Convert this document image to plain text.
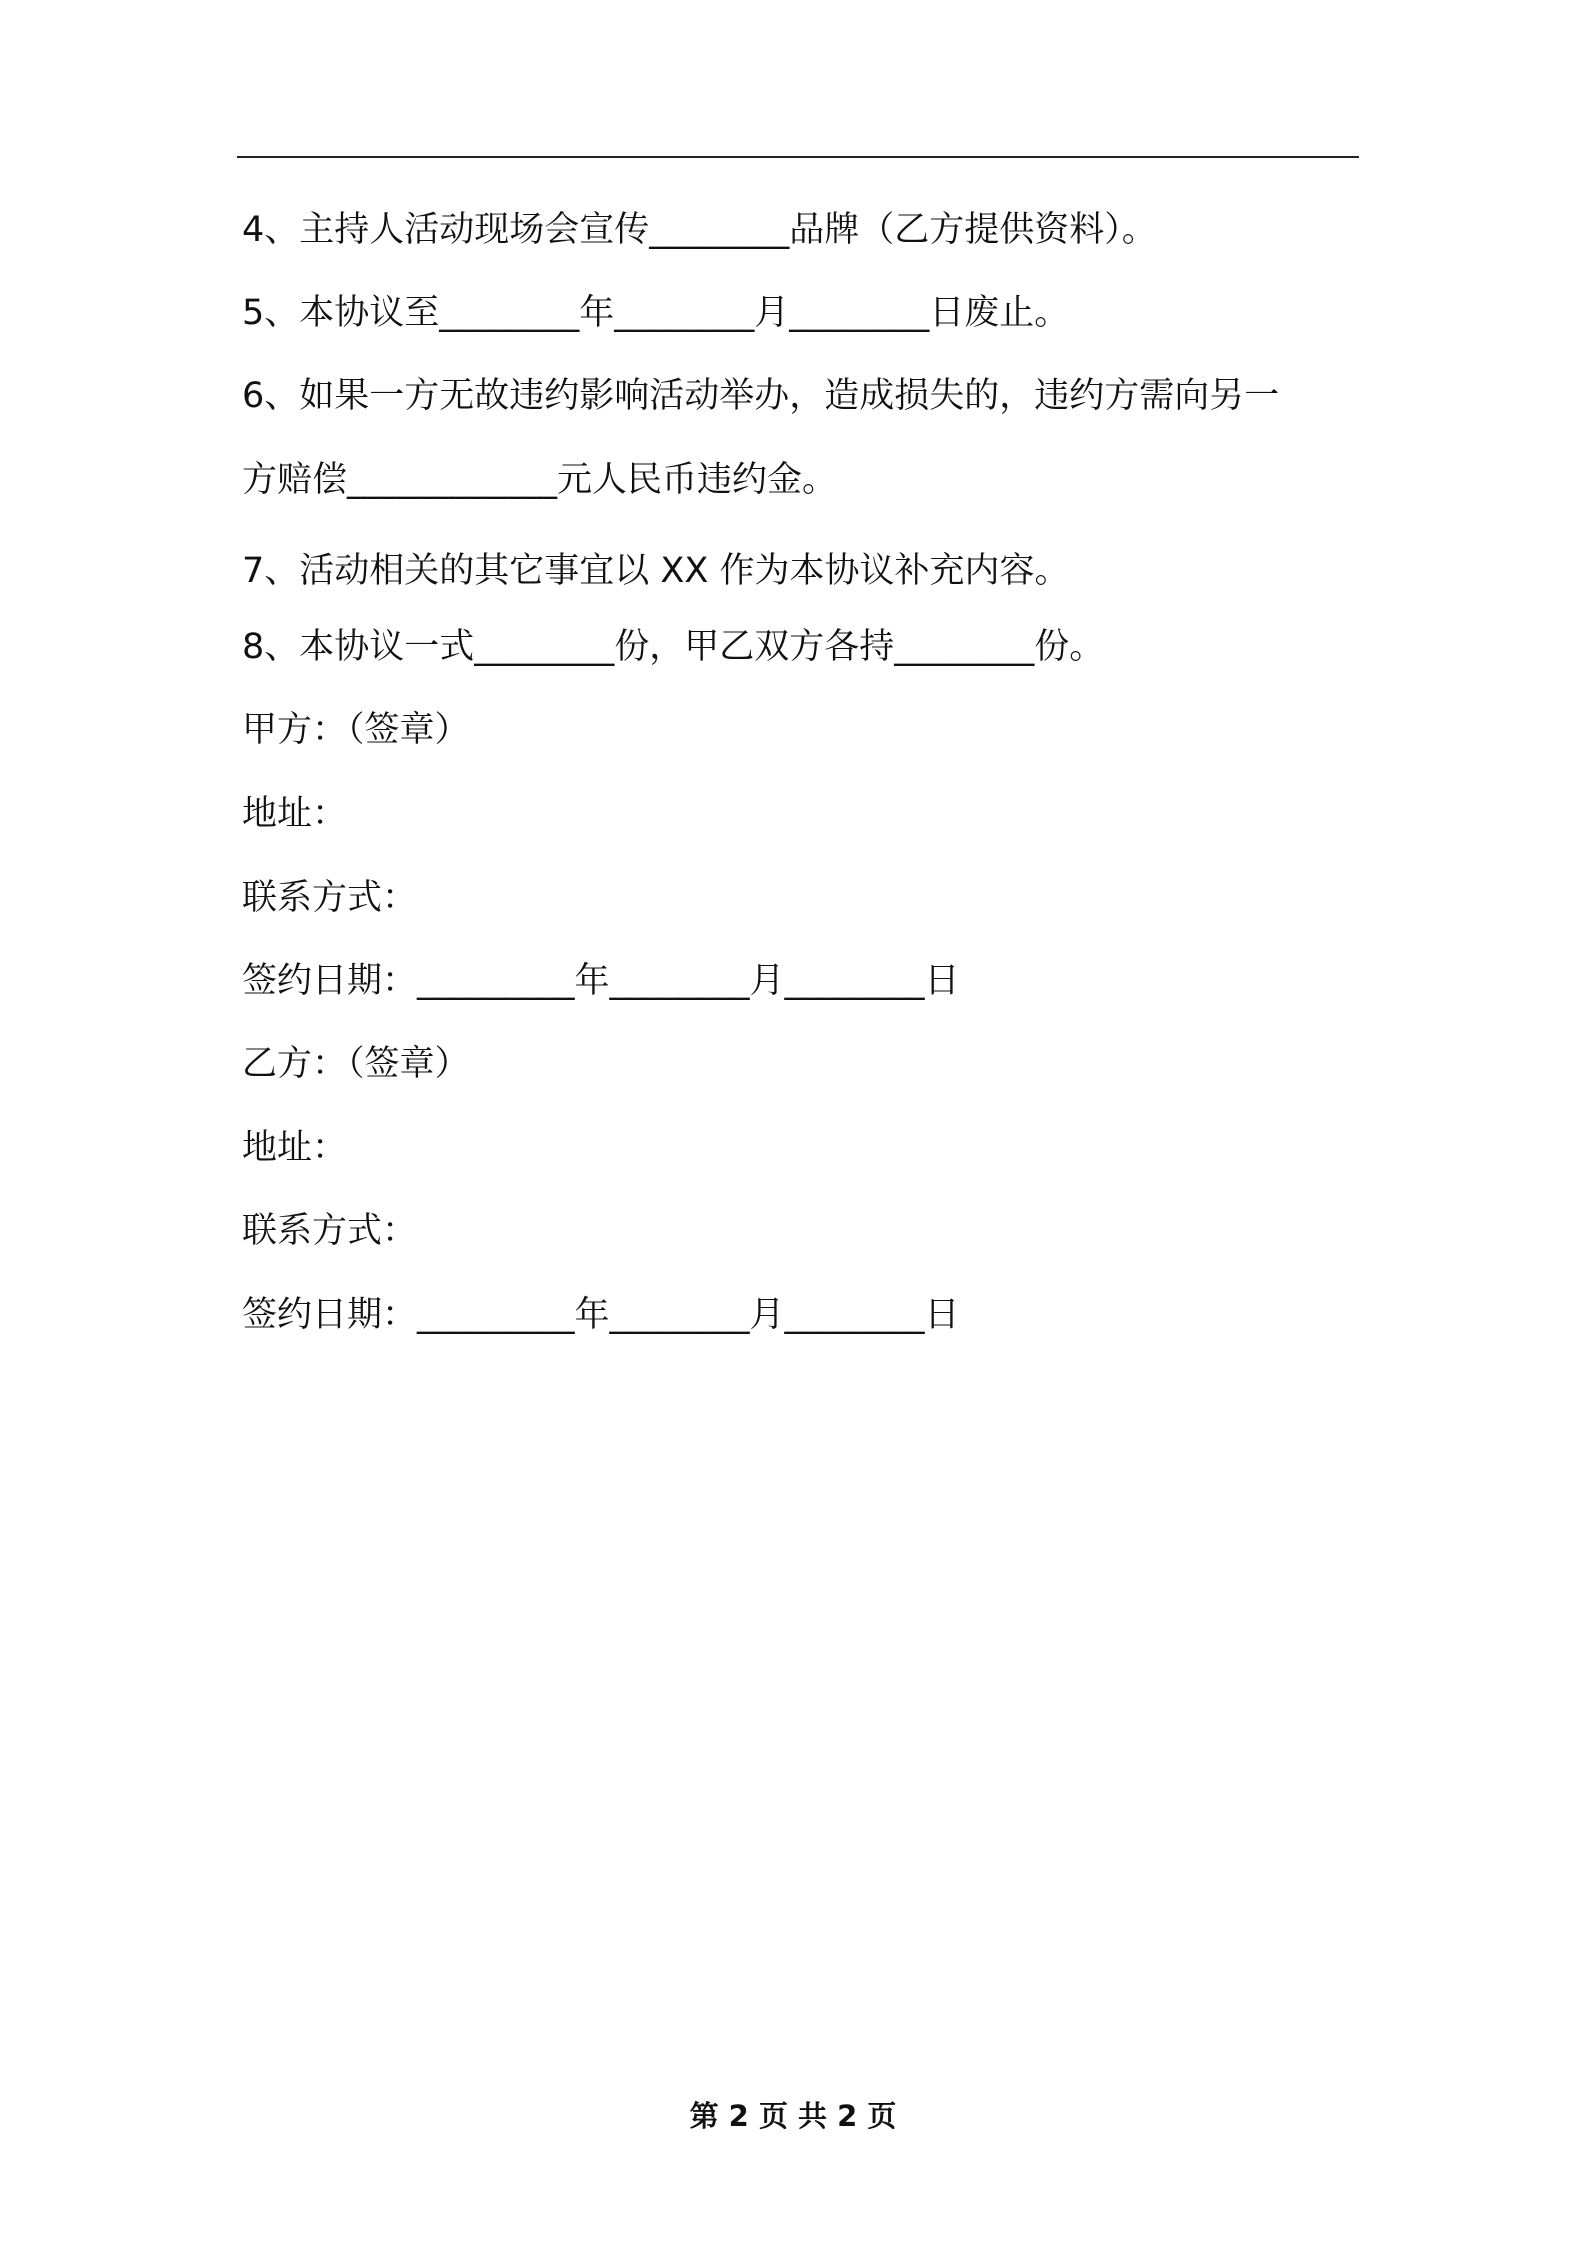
4、主持人活动现场会宣传________品牌（乙方提供资料）。
5、本协议至________年________月________日废止。
6、如果一方无故违约影响活动举办，造成损失的，违约方需向另一
方赔偿____________元人民币违约金。
7、活动相关的其它事宜以 XX 作为本协议补充内容。
8、本协议一式________份，甲乙双方各持________份。
甲方：（签章）
地址：
联系方式：
签约日期：_________年________月________日
乙方：（签章）
地址：
联系方式：
签约日期：_________年________月________日
第 2 页 共 2 页
